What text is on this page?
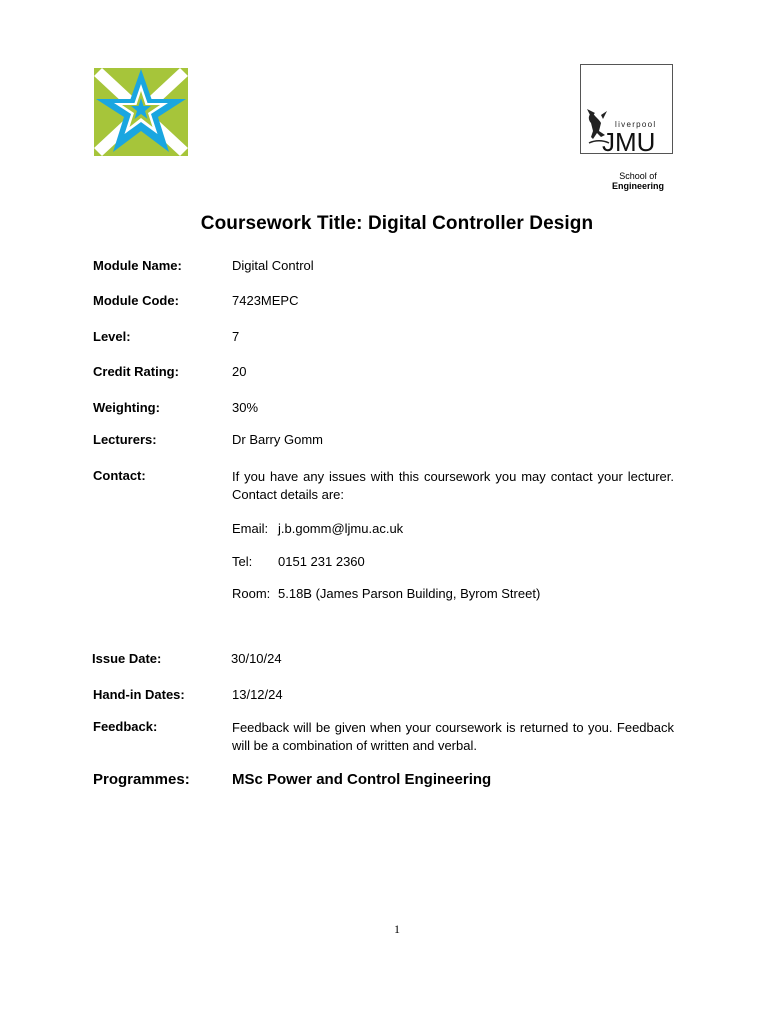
liverpool
JMU
School of
Engineering
Coursework Title: Digital Controller Design
Module Name:	Digital Control
Module Code:	7423MEPC
Level:	7
Credit Rating:	20
Weighting:	30%
Lecturers:	Dr Barry Gomm
Contact:	If you have any issues with this coursework you may contact your lecturer. Contact details are:
Email: j.b.gomm@ljmu.ac.uk
Tel: 0151 231 2360
Room: 5.18B (James Parson Building, Byrom Street)
Issue Date:	30/10/24
Hand-in Dates:	13/12/24
Feedback:	Feedback will be given when your coursework is returned to you. Feedback will be a combination of written and verbal.
Programmes:	MSc Power and Control Engineering
1
